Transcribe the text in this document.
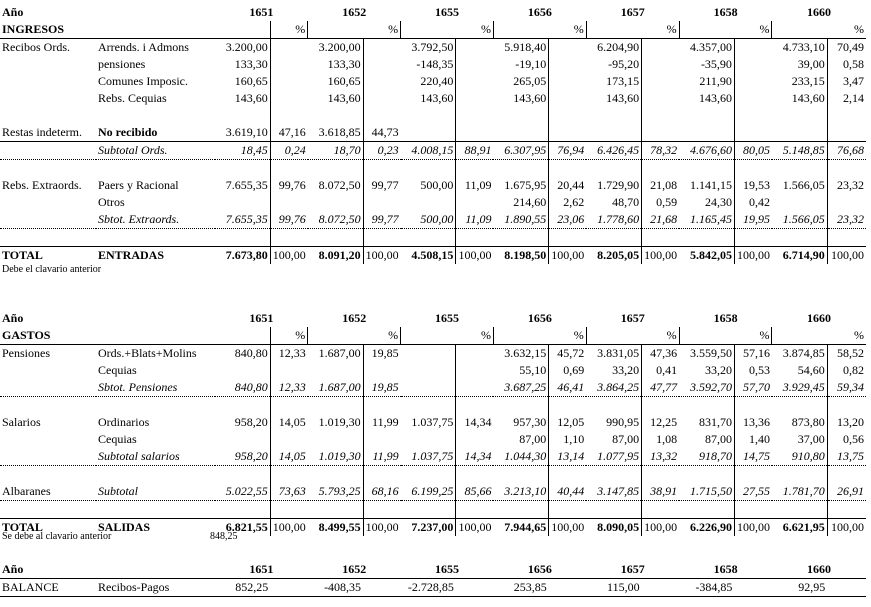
Año		1651		1652		1655		1656		1657		1658		1660	
INGRESOS			%		%		%		%		%		%		%
Recibos Ords.	Arrends. i Admons	3.200,00		3.200,00		3.792,50		5.918,40		6.204,90		4.357,00		4.733,10	70,49
	pensiones	133,30		133,30		-148,35		-19,10		-95,20		-35,90		39,00	0,58
	Comunes Imposic.	160,65		160,65		220,40		265,05		173,15		211,90		233,15	3,47
	Rebs. Cequias	143,60		143,60		143,60		143,60		143,60		143,60		143,60	2,14

Restas indeterm.	No recibido	3.619,10	47,16	3.618,85	44,73										
	Subtotal Ords.	18,45	0,24	18,70	0,23	4.008,15	88,91	6.307,95	76,94	6.426,45	78,32	4.676,60	80,05	5.148,85	76,68

Rebs. Extraords.	Paers y Racional	7.655,35	99,76	8.072,50	99,77	500,00	11,09	1.675,95	20,44	1.729,90	21,08	1.141,15	19,53	1.566,05	23,32
	Otros							214,60	2,62	48,70	0,59	24,30	0,42		
	Sbtot. Extraords.	7.655,35	99,76	8.072,50	99,77	500,00	11,09	1.890,55	23,06	1.778,60	21,68	1.165,45	19,95	1.566,05	23,32

TOTAL	ENTRADAS	7.673,80	100,00	8.091,20	100,00	4.508,15	100,00	8.198,50	100,00	8.205,05	100,00	5.842,05	100,00	6.714,90	100,00
Debe el clavario anterior
Año		1651		1652		1655		1656		1657		1658		1660	
GASTOS			%		%		%		%		%		%		%
Pensiones	Ords.+Blats+Molins	840,80	12,33	1.687,00	19,85			3.632,15	45,72	3.831,05	47,36	3.559,50	57,16	3.874,85	58,52
	Cequias							55,10	0,69	33,20	0,41	33,20	0,53	54,60	0,82
	Sbtot. Pensiones	840,80	12,33	1.687,00	19,85			3.687,25	46,41	3.864,25	47,77	3.592,70	57,70	3.929,45	59,34

Salarios	Ordinarios	958,20	14,05	1.019,30	11,99	1.037,75	14,34	957,30	12,05	990,95	12,25	831,70	13,36	873,80	13,20
	Cequias							87,00	1,10	87,00	1,08	87,00	1,40	37,00	0,56
	Subtotal salarios	958,20	14,05	1.019,30	11,99	1.037,75	14,34	1.044,30	13,14	1.077,95	13,32	918,70	14,75	910,80	13,75

Albaranes	Subtotal	5.022,55	73,63	5.793,25	68,16	6.199,25	85,66	3.213,10	40,44	3.147,85	38,91	1.715,50	27,55	1.781,70	26,91

TOTAL	SALIDAS	6.821,55	100,00	8.499,55	100,00	7.237,00	100,00	7.944,65	100,00	8.090,05	100,00	6.226,90	100,00	6.621,95	100,00
Se debe al clavario anterior	848,25
Año		1651		1652		1655		1656		1657		1658		1660	
BALANCE	Recibos-Pagos	852,25		-408,35		-2.728,85		253,85		115,00		-384,85		92,95	
